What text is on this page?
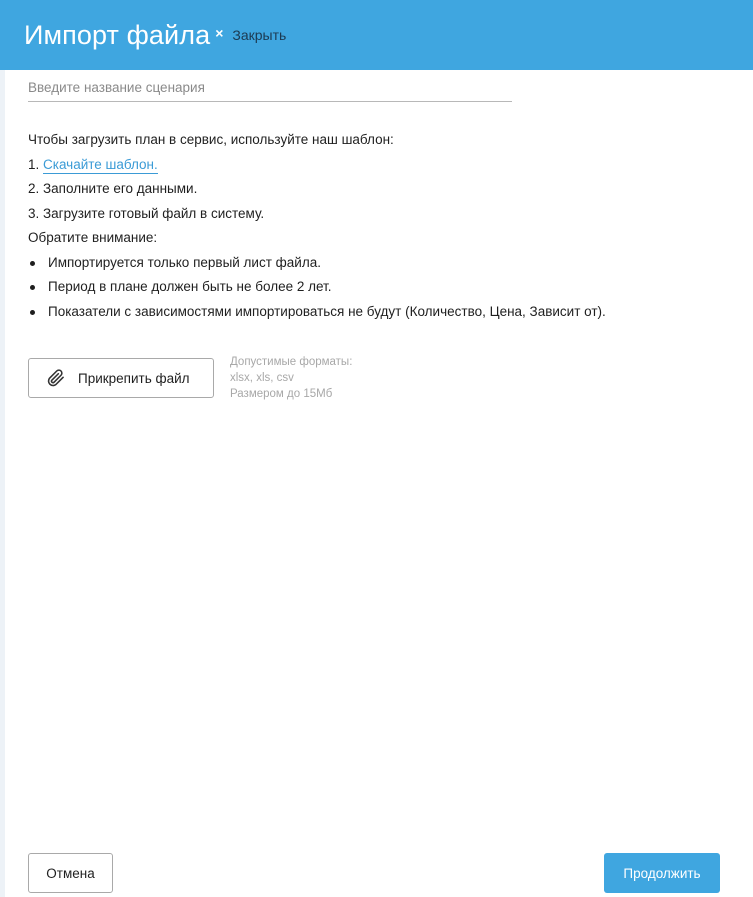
Импорт файла × Закрыть
Введите название сценария
Чтобы загрузить план в сервис, используйте наш шаблон:
1. Скачайте шаблон.
2. Заполните его данными.
3. Загрузите готовый файл в систему.
Обратите внимание:
Импортируется только первый лист файла.
Период в плане должен быть не более 2 лет.
Показатели с зависимостями импортироваться не будут (Количество, Цена, Зависит от).
Прикрепить файл
Допустимые форматы:
xlsx, xls, csv
Размером до 15Мб
Отмена	Продолжить
